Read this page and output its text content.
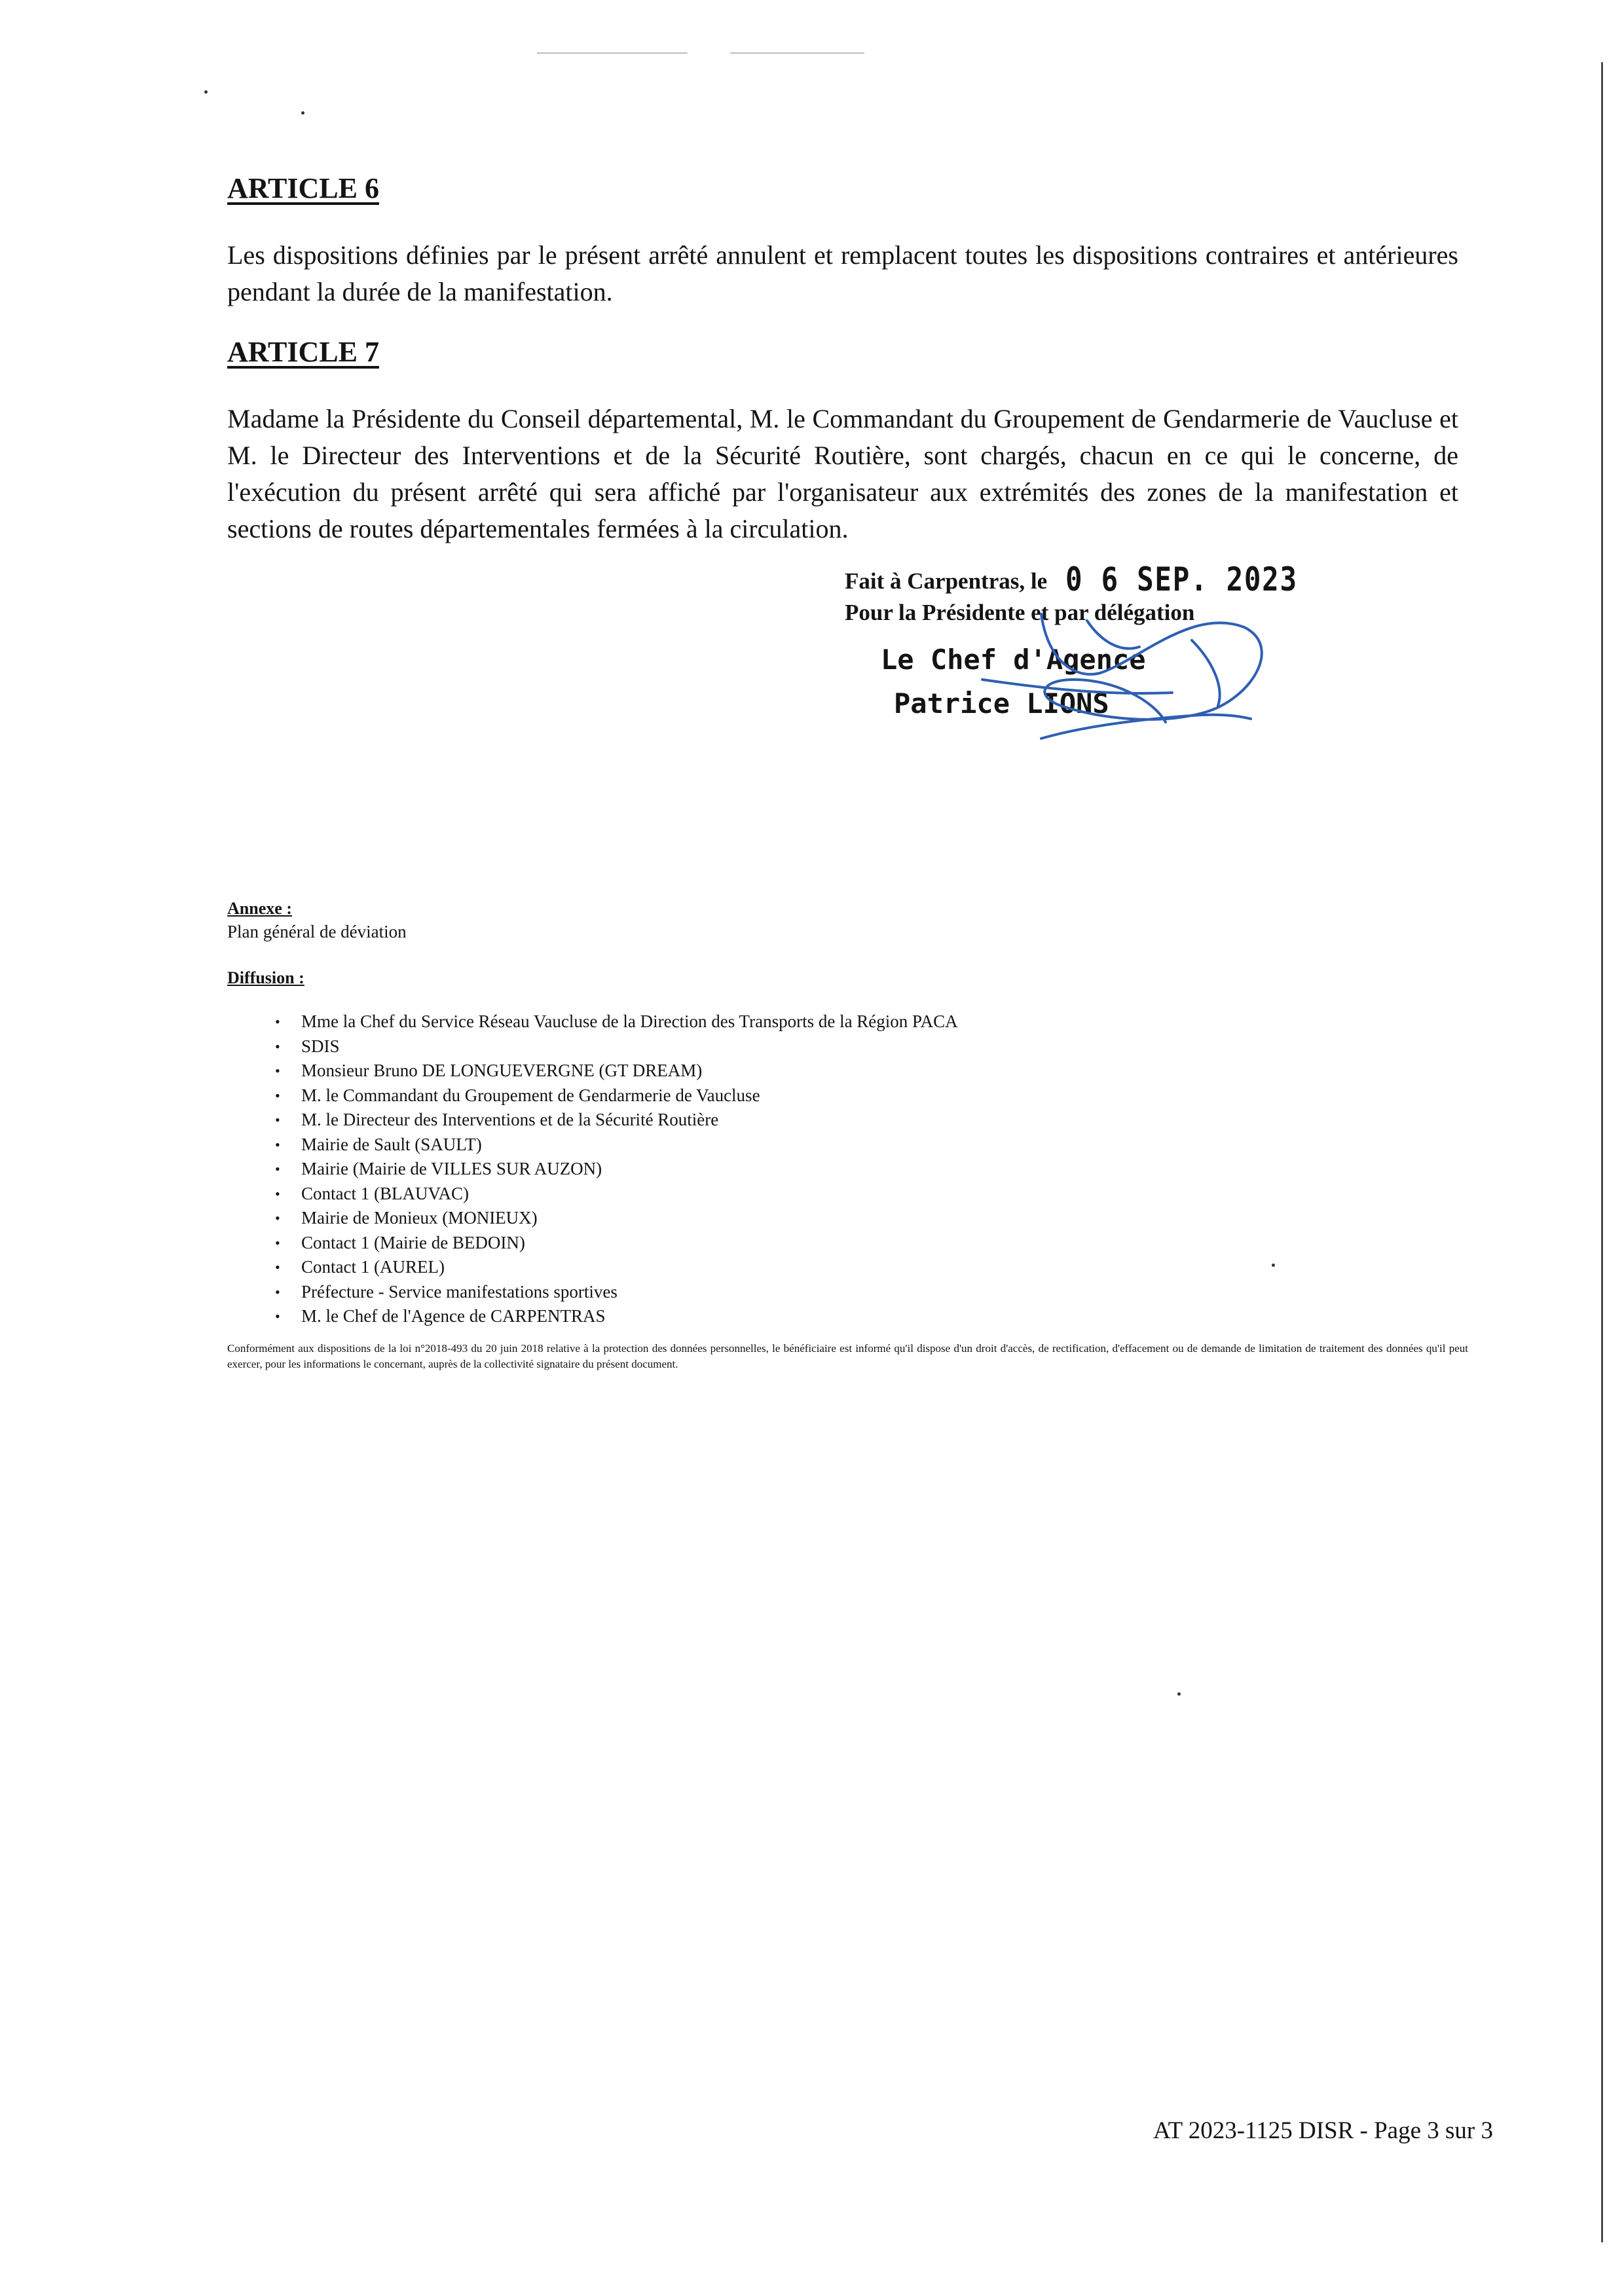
ARTICLE 6

Les dispositions définies par le présent arrêté annulent et remplacent toutes les dispositions contraires et antérieures pendant la durée de la manifestation.

ARTICLE 7

Madame la Présidente du Conseil départemental, M. le Commandant du Groupement de Gendarmerie de Vaucluse et M. le Directeur des Interventions et de la Sécurité Routière, sont chargés, chacun en ce qui le concerne, de l'exécution du présent arrêté qui sera affiché par l'organisateur aux extrémités des zones de la manifestation et sections de routes départementales fermées à la circulation.

Fait à Carpentras, le 0 6 SEP. 2023
Pour la Présidente et par délégation
Le Chef d'Agence
Patrice LIONS
Annexe :

Plan général de déviation

Diffusion :
• Mme la Chef du Service Réseau Vaucluse de la Direction des Transports de la Région PACA
• SDIS
• Monsieur Bruno DE LONGUEVERGNE (GT DREAM)
• M. le Commandant du Groupement de Gendarmerie de Vaucluse
• M. le Directeur des Interventions et de la Sécurité Routière
• Mairie de Sault (SAULT)
• Mairie (Mairie de VILLES SUR AUZON)
• Contact 1 (BLAUVAC)
• Mairie de Monieux (MONIEUX)
• Contact 1 (Mairie de BEDOIN)
• Contact 1 (AUREL)
• Préfecture - Service manifestations sportives
• M. le Chef de l'Agence de CARPENTRAS

Conformément aux dispositions de la loi n°2018-493 du 20 juin 2018 relative à la protection des données personnelles, le bénéficiaire est informé qu'il dispose d'un droit d'accès, de rectification, d'effacement ou de demande de limitation de traitement des données qu'il peut exercer, pour les informations le concernant, auprès de la collectivité signataire du présent document.

AT 2023-1125 DISR - Page 3 sur 3
